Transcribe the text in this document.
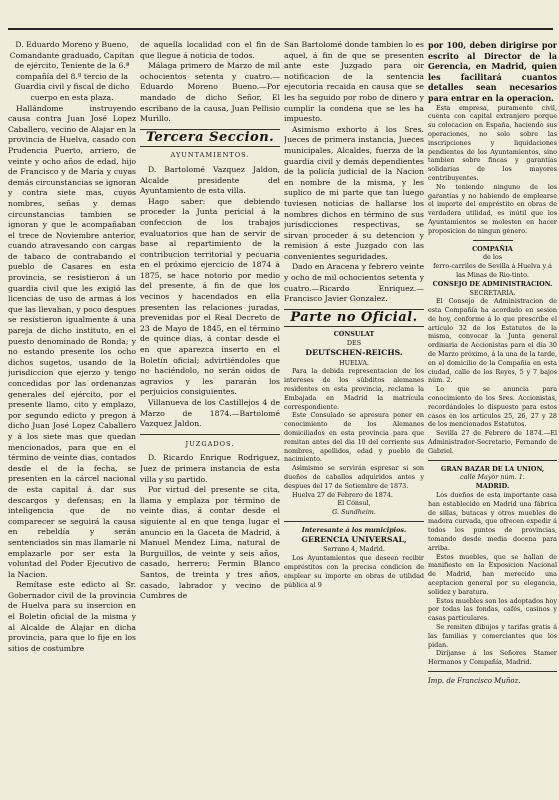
D. Eduardo Moreno y Bueno, Comandante graduado, Capitan de ejército, Teniente de la 6.ª compañía del 8.º tercio de la Guardia civil y fiscal de dicho cuerpo en esta plaza.

Hallándome instruyendo causa contra Juan José Lopez Caballero, vecino de Alajar en la provincia de Huelva, casado con Prudencia Puerto, arriero, de veinte y ocho años de edad, hijo de Francisco y de María y cuyas demás circunstancias se ignoran y contra siete mas, cuyos nombres, señas y demas circunstancias tambien se ignoran y que le acompañaban el trece de Noviembre anterior, cuando atravesando con cargas de tabaco de contrabando el pueblo de Casares en esta provincia, se resistieron á un guardia civil que les exigió las licencias de uso de armas á los que las llevaban, y poco despues se resistieron igualmente á una pareja de dicho instituto, en el puesto denominado de Ronda; y no estando presente los ocho dichos sugetos, usando de la jurisdiccion que ejerzo y tengo concedidas por las ordenanzas generales del ejército, por el presente llamo, cito y emplazo, por segundo edicto y pregon á dicho Juan José Lopez Caballero y á los siete mas que quedan mencionados, para que en el término de veinte dias, contados desde el de la fecha, se presenten en la cárcel nacional de esta capital á dar sus descargos y defensas; en la inteligencia que de no comparecer se seguirá la causa en rebeldía y serán sentenciados sin mas llamarle ni emplazarle por ser esta la voluntad del Poder Ejecutivo de la Nacion.

Remítase este edicto al Sr. Gobernador civil de la provincia de Huelva para su insercion en el Boletin oficial de la misma y al Alcalde de Alajar en dicha provincia, para que lo fije en los sitios de costumbre

de aquella localidad con el fin de que llegue á noticia de todos.

Málaga primero de Marzo de mil ochocientos setenta y cuatro.—Eduardo Moreno Bueno.—Por mandado de dicho Señor, El escribano de la causa, Juan Pellisio Murillo.

Tercera Seccion.
AYUNTAMIENTOS.

D. Bartolomé Vazquez Jaldon, Alcalde presidente del Ayuntamiento de esta villa.

Hago saber: que debiendo proceder la Junta pericial á la confeccion de los trabajos evaluatorios que han de servir de base al repartimiento de la contribucion territorial y pecuaria en el próximo ejercicio de 1874 á 1875, se hace notorio por medio del presente, á fin de que los vecinos y hacendados en ella presenten las relaciones juradas, prevenidas por el Real Decreto de 23 de Mayo de 1845, en el término de quince dias, á contar desde el en que aparezca inserto en el Boletín oficial; advirtiéndoles que no haciéndolo, no serán oidos de agravios y les pararán los perjuicios consiguientes.

Villanueva de los Castillejos 4 de Marzo de 1874.—Bartolomé Vazquez Jaldon.

JUZGADOS.

D. Ricardo Enrique Rodriguez, Juez de primera instancia de esta villa y su partido.

Por virtud del presente se cita, llama y emplaza por término de veinte dias, á contar desde el siguiente al en que tenga lugar el anuncio en la Gaceta de Madrid, á Manuel Mendez Lima, natural de Burguillos, de veinte y seis años, casado, herrero; Fermin Blanco Santos, de treinta y tres años, casado, labrador y vecino de Cumbres de

San Bartolomé donde tambien lo es aquel, á fin de que se presenten ante este Juzgado para oir notificacion de la sentencia ejecutoria recaida en causa que se les ha seguido por robo de dinero y cumplir la condena que se les ha impuesto.

Asimismo exhorto á los Sres. Jueces de primera instancia, Jueces municipales, Alcaldes, fuerza de la guardia civil y demás dependientes de la policía judicial de la Nacion en nombre de la misma, y les suplico de mi parte que tan luego tuviesen noticias de hallarse los nombres dichos en término de sus jurisdicciones respectivas, se sirvan proceder á su detencion y remision á este Juzgado con las convenientes seguridades.

Dado en Aracena y febrero veinte y ocho de mil ochocientos setenta y cuatro.—Ricardo Enriquez.—Francisco Javier Gonzalez.

Parte no Oficial.
CONSULAT
DES
DEUTSCHEN-REICHS.
HUELVA.

Para la debida representacion de los intereses de los súbditos alemanes residentes en esta provincia, reclama la Embajada en Madrid la matrícula correspondiente.

Este Consulado se apresura poner en conocimiento de los Alemanes domiciliados en esta provincia para que remitan antes del dia 10 del corriente sus nombres, apellidos, edad y pueblo de nacimiento.

Asimismo se servirán espresar si son dueños de caballos adquiridos antes y despues del 17 de Setiembre de 1873.

Huelva 27 de Febrero de 1874.

El Cónsul,
G. Sundheim.
Interesante á los municipios.
GERENCIA UNIVERSAL,
Serrano 4, Madrid.

Los Ayuntamientos que deseen recibir empréstitos con la precisa condicion de emplear su importe en obras de utilidad pública al 9

por 100, deben dirigirse por escrito al Director de la Gerencia, en Madrid, quien les facilitará cuantos detalles sean necesarios para entrar en la operacion.

Esta empresa, puramente civil, cuenta con capital extranjero porque su colocacion en España, haciendo sus operaciones, no solo sobre las inscripciones y liquidaciones pendientes de los Ayuntamientos, sino tambien sobre fincas y garantías solidarias de los mayores contribuyentes.

No teniendo ninguno de los garantías y no habiendo de emplearse el importe del empréstito en obras de verdadera utilidad, es inútil que los Ayuntamientos se molesten en hacer proposicion de ningun género.

COMPAÑIA
de los
ferro-carriles de Sevilla á Huelva y á las Minas de Rio-tinto.
CONSEJO DE ADMINISTRACION.
SECRETARÍA.

El Consejo de Administracion de esta Compañía ha acordado en sesion de hoy, conforme á lo que prescribe el artículo 32 de los Estatutos de la misma, convocar la Junta general ordinaria de Accionistas para el dia 30 de Marzo próximo, á la una de la tarde, en el domicilio de la Compañía en esta ciudad, calle de los Reyes, 5 y 7 bajos núm. 2.

Lo que se anuncia para conocimiento de los Sres. Accionistas, recordándoles lo dispuesto para estos casos en los artículos 25, 26, 27 y 28 de los mencionados Estatutos.

Sevilla 27 de Febrero de 1874.—El Administrador-Secretario, Fernando de Gabriel.

GRAN BAZAR DE LA UNION,
calle Mayor núm. 1.
MADRID.

Los dueños de esta importante casa han establecido en Madrid una fábrica de sillas, butacas y otros muebles de madera curvada, que ofrecen expedir á todos los puntos de provincias, tomando desde media docena para arriba.

Estos muebles, que se hallan de manifiesto en la Exposicion Nacional de Madrid, han merecido una aceptacion general por su elegancia, solidez y baratura.

Estos muebles son los adoptados hoy por todas las fondas, cafés, casinos y casas particulares.

Se remiten dibujos y tarifas gratis á las familias y comerciantes que los pidan.

Diríjanse á los Señores Stamer Hermanos y Compañía, Madrid.

Imp. de Francisco Muñoz.
